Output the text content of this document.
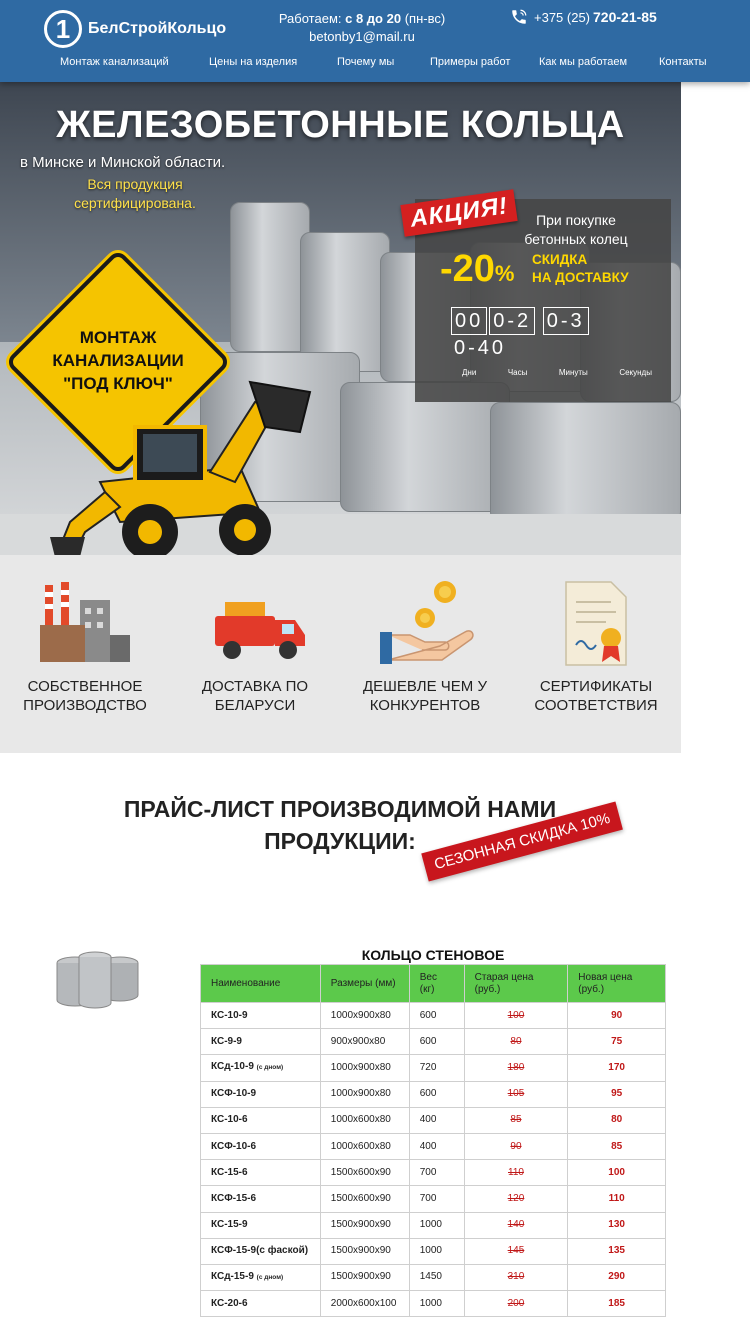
1	БелСтройКольцо
Работаем: с 8 до 20 (пн-вс)
betonby1@mail.ru
+375 (25) 720-21-85
Монтаж канализаций	Цены на изделия	Почему мы	Примеры работ	Как мы работаем	Контакты
ЖЕЛЕЗОБЕТОННЫЕ КОЛЬЦА
в Минске и Минской области.
Вся продукция сертифицирована.
МОНТАЖ
КАНАЛИЗАЦИИ
"ПОД КЛЮЧ"
АКЦИЯ!	При покупке бетонных колец
-20%
СКИДКА
НА ДОСТАВКУ
00 0-2 0-3
0-40
Дни	Часы	Минуты	Секунды
СОБСТВЕННОЕ ПРОИЗВОДСТВО
ДОСТАВКА ПО БЕЛАРУСИ
ДЕШЕВЛЕ ЧЕМ У КОНКУРЕНТОВ
СЕРТИФИКАТЫ СООТВЕТСТВИЯ
ПРАЙС-ЛИСТ ПРОИЗВОДИМОЙ НАМИ ПРОДУКЦИИ:	СЕЗОННАЯ СКИДКА 10%
КОЛЬЦО СТЕНОВОЕ
Наименование	Размеры (мм)	Вес (кг)	Старая цена (руб.)	Новая цена (руб.)
КС-10-9	1000x900x80	600	100	90
КС-9-9	900x900x80	600	80	75
КСд-10-9 (с дном)	1000x900x80	720	180	170
КСФ-10-9	1000x900x80	600	105	95
КС-10-6	1000x600x80	400	85	80
КСФ-10-6	1000x600x80	400	90	85
КС-15-6	1500x600x90	700	110	100
КСФ-15-6	1500x600x90	700	120	110
КС-15-9	1500x900x90	1000	140	130
КСФ-15-9(с фаской)	1500x900x90	1000	145	135
КСд-15-9 (с дном)	1500x900x90	1450	310	290
КС-20-6	2000x600x100	1000	200	185
